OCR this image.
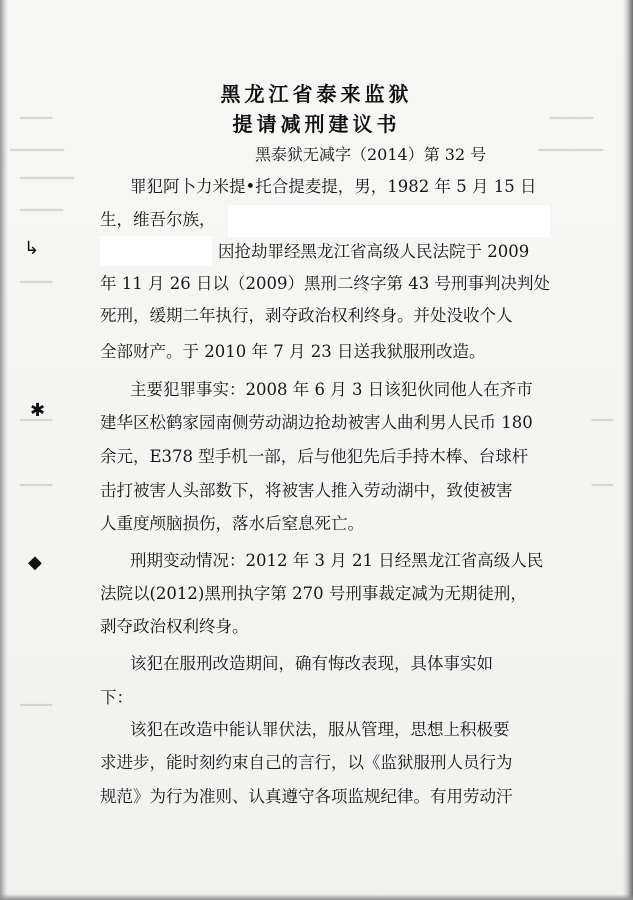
▔▔▔	▔▔▔▔
▔▔▔▔▔	▔▔▔▔▔▔
▔▔▔▔▔
▔▔▔▔
▔▔▔
▔▔▔	▔▔
▔▔▔	▔▔
▔▔▔
黑龙江省泰来监狱
提请减刑建议书
黑泰狱无减字（2014）第 32 号
罪犯阿卜力米提•托合提麦提，男，1982 年 5 月 15 日
生，维吾尔族，
因抢劫罪经黑龙江省高级人民法院于 2009
年 11 月 26 日以（2009）黑刑二终字第 43 号刑事判决判处
死刑，缓期二年执行，剥夺政治权利终身。并处没收个人
全部财产。于 2010 年 7 月 23 日送我狱服刑改造。
主要犯罪事实：2008 年 6 月 3 日该犯伙同他人在齐市
建华区松鹤家园南侧劳动湖边抢劫被害人曲利男人民币 180
余元，E378 型手机一部，后与他犯先后手持木棒、台球杆
击打被害人头部数下，将被害人推入劳动湖中，致使被害
人重度颅脑损伤，落水后窒息死亡。
刑期变动情况：2012 年 3 月 21 日经黑龙江省高级人民
法院以(2012)黑刑执字第 270 号刑事裁定减为无期徒刑，
剥夺政治权利终身。
该犯在服刑改造期间，确有悔改表现，具体事实如
下：
该犯在改造中能认罪伏法，服从管理，思想上积极要
求进步，能时刻约束自己的言行，以《监狱服刑人员行为
规范》为行为准则、认真遵守各项监规纪律。有用劳动汗
↳
✱
◆
